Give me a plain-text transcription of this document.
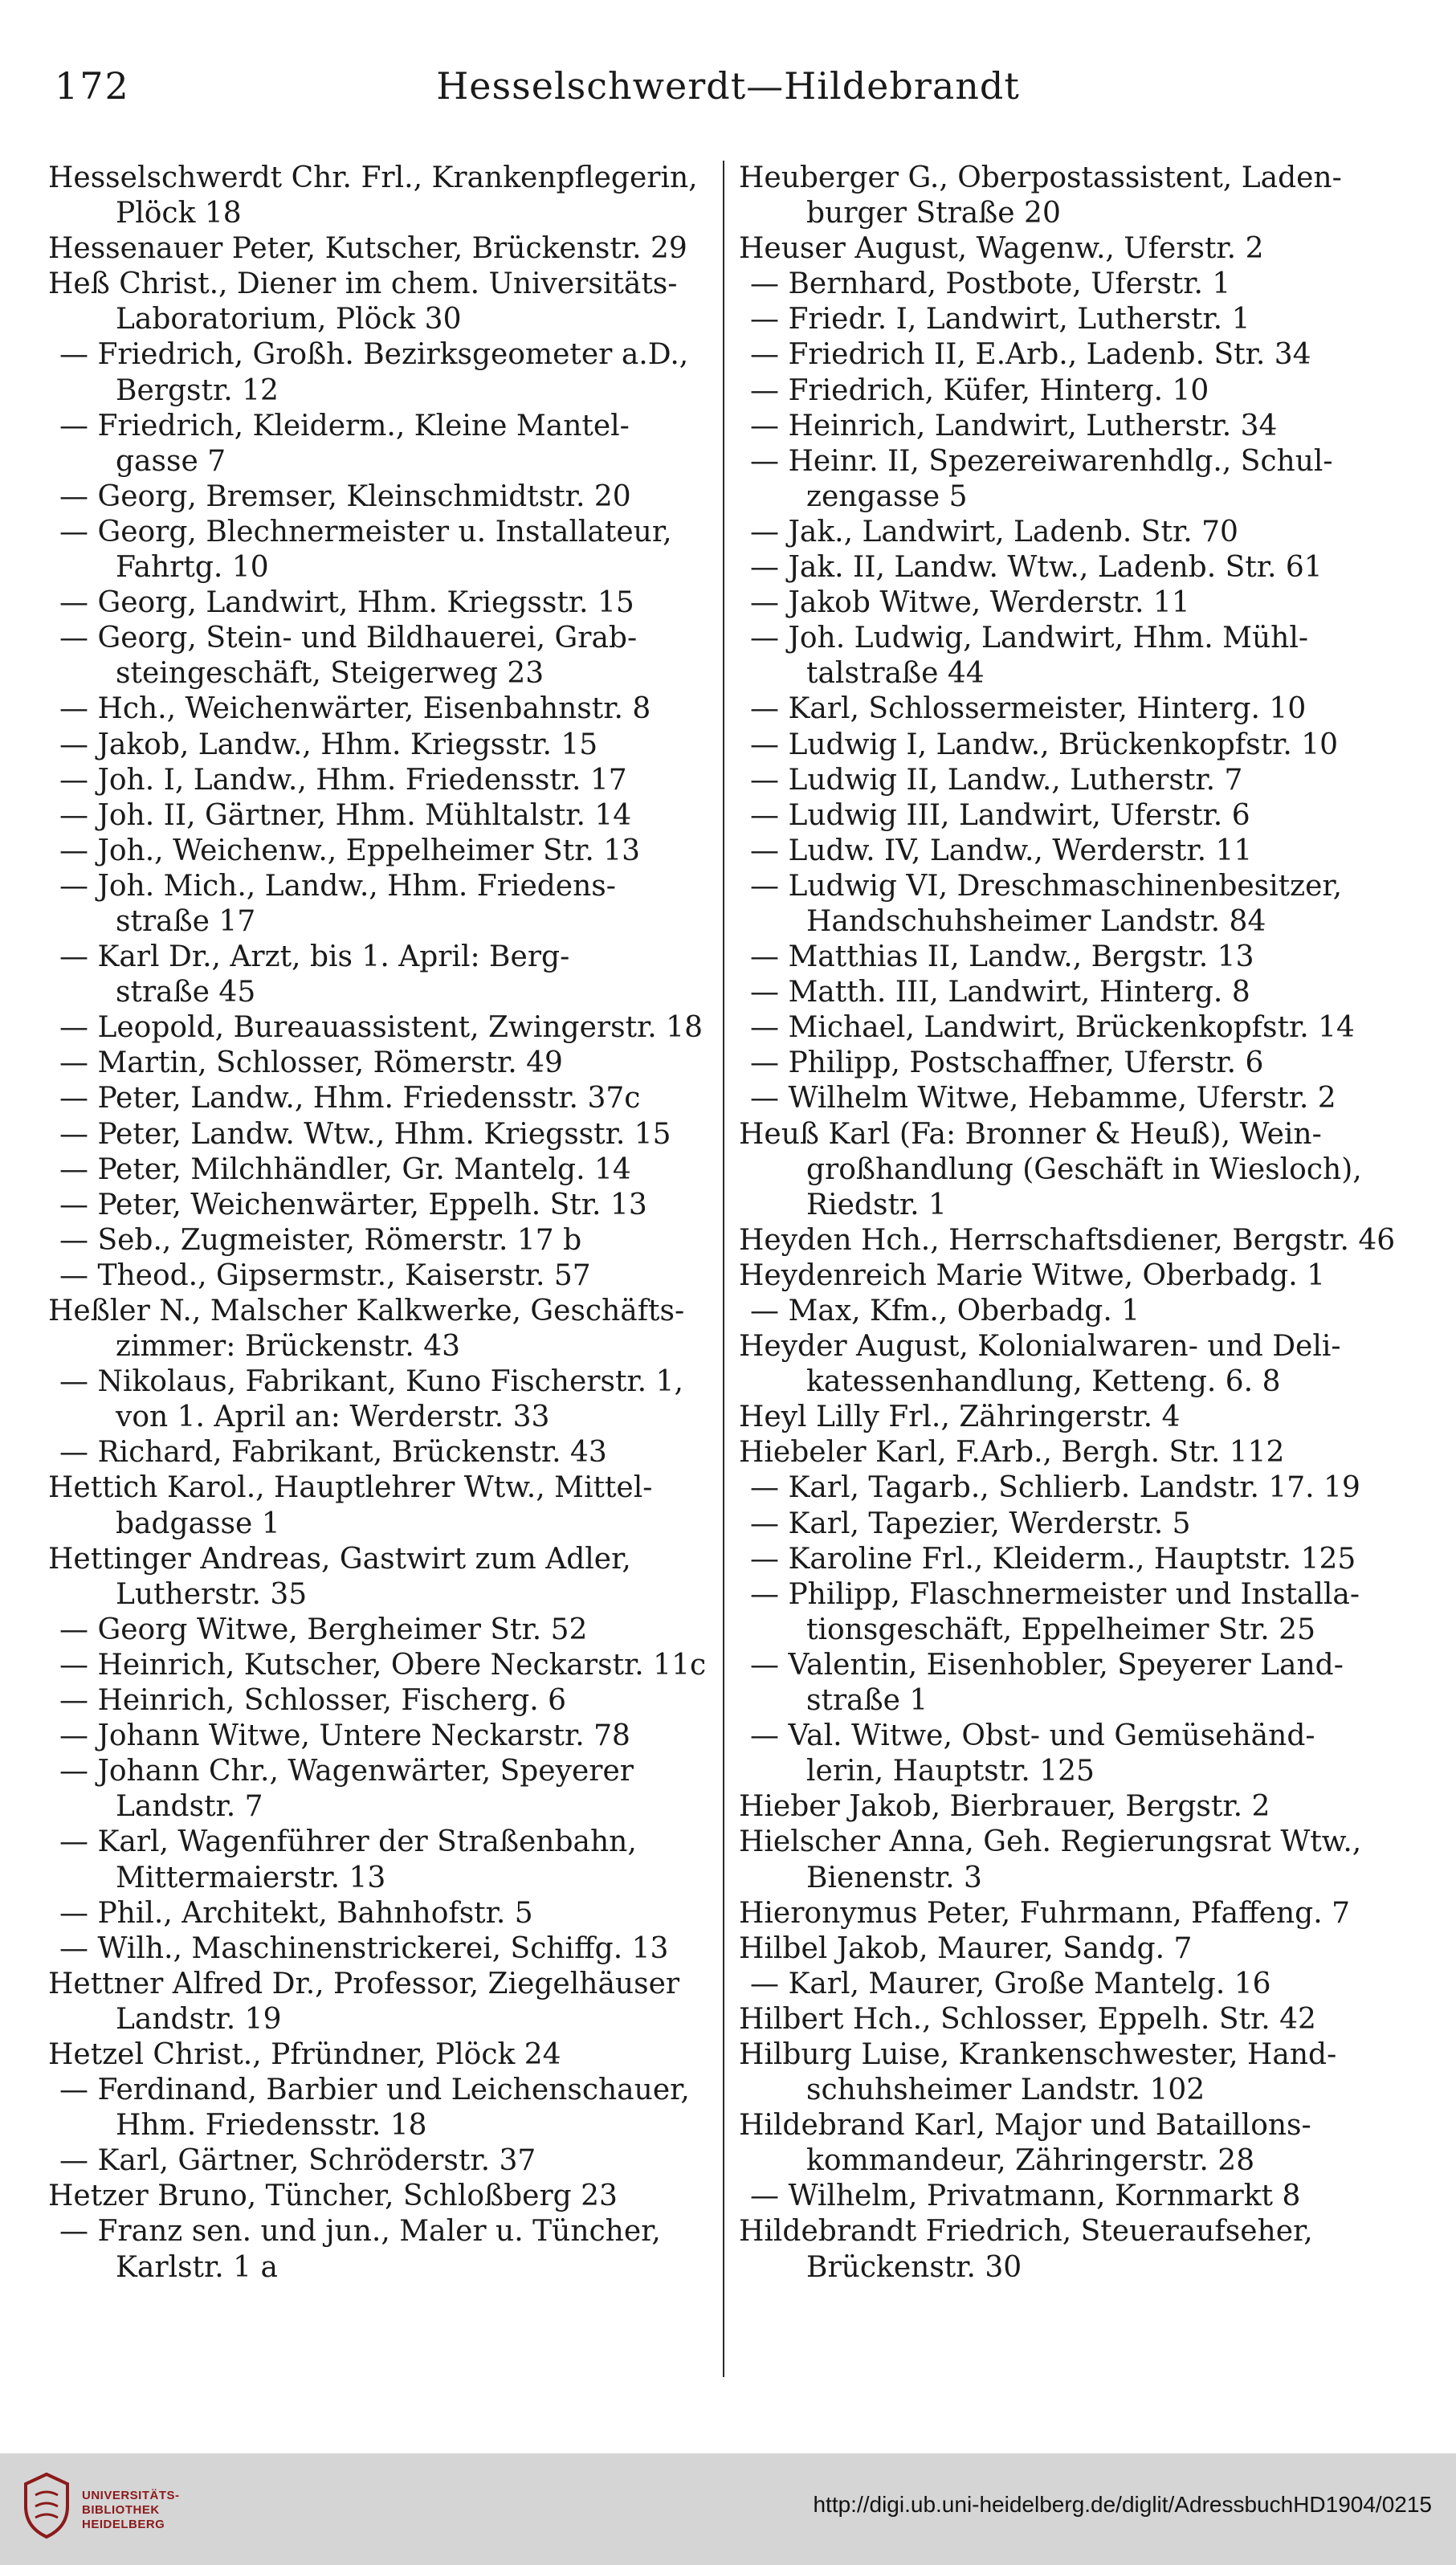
172	Hesselschwerdt—Hildebrandt
Hesselschwerdt Chr. Frl., Krankenpflegerin,
Plöck 18
Hessenauer Peter, Kutscher, Brückenstr. 29
Heß Christ., Diener im chem. Universitäts-
Laboratorium, Plöck 30
— Friedrich, Großh. Bezirksgeometer a.D.,
Bergstr. 12
— Friedrich, Kleiderm., Kleine Mantel-
gasse 7
— Georg, Bremser, Kleinschmidtstr. 20
— Georg, Blechnermeister u. Installateur,
Fahrtg. 10
— Georg, Landwirt, Hhm. Kriegsstr. 15
— Georg, Stein- und Bildhauerei, Grab-
steingeschäft, Steigerweg 23
— Hch., Weichenwärter, Eisenbahnstr. 8
— Jakob, Landw., Hhm. Kriegsstr. 15
— Joh. I, Landw., Hhm. Friedensstr. 17
— Joh. II, Gärtner, Hhm. Mühltalstr. 14
— Joh., Weichenw., Eppelheimer Str. 13
— Joh. Mich., Landw., Hhm. Friedens-
straße 17
— Karl Dr., Arzt, bis 1. April: Berg-
straße 45
— Leopold, Bureauassistent, Zwingerstr. 18
— Martin, Schlosser, Römerstr. 49
— Peter, Landw., Hhm. Friedensstr. 37c
— Peter, Landw. Wtw., Hhm. Kriegsstr. 15
— Peter, Milchhändler, Gr. Mantelg. 14
— Peter, Weichenwärter, Eppelh. Str. 13
— Seb., Zugmeister, Römerstr. 17 b
— Theod., Gipsermstr., Kaiserstr. 57
Heßler N., Malscher Kalkwerke, Geschäfts-
zimmer: Brückenstr. 43
— Nikolaus, Fabrikant, Kuno Fischerstr. 1,
von 1. April an: Werderstr. 33
— Richard, Fabrikant, Brückenstr. 43
Hettich Karol., Hauptlehrer Wtw., Mittel-
badgasse 1
Hettinger Andreas, Gastwirt zum Adler,
Lutherstr. 35
— Georg Witwe, Bergheimer Str. 52
— Heinrich, Kutscher, Obere Neckarstr. 11c
— Heinrich, Schlosser, Fischerg. 6
— Johann Witwe, Untere Neckarstr. 78
— Johann Chr., Wagenwärter, Speyerer
Landstr. 7
— Karl, Wagenführer der Straßenbahn,
Mittermaierstr. 13
— Phil., Architekt, Bahnhofstr. 5
— Wilh., Maschinenstrickerei, Schiffg. 13
Hettner Alfred Dr., Professor, Ziegelhäuser
Landstr. 19
Hetzel Christ., Pfründner, Plöck 24
— Ferdinand, Barbier und Leichenschauer,
Hhm. Friedensstr. 18
— Karl, Gärtner, Schröderstr. 37
Hetzer Bruno, Tüncher, Schloßberg 23
— Franz sen. und jun., Maler u. Tüncher,
Karlstr. 1 a
Heuberger G., Oberpostassistent, Laden-
burger Straße 20
Heuser August, Wagenw., Uferstr. 2
— Bernhard, Postbote, Uferstr. 1
— Friedr. I, Landwirt, Lutherstr. 1
— Friedrich II, E.Arb., Ladenb. Str. 34
— Friedrich, Küfer, Hinterg. 10
— Heinrich, Landwirt, Lutherstr. 34
— Heinr. II, Spezereiwarenhdlg., Schul-
zengasse 5
— Jak., Landwirt, Ladenb. Str. 70
— Jak. II, Landw. Wtw., Ladenb. Str. 61
— Jakob Witwe, Werderstr. 11
— Joh. Ludwig, Landwirt, Hhm. Mühl-
talstraße 44
— Karl, Schlossermeister, Hinterg. 10
— Ludwig I, Landw., Brückenkopfstr. 10
— Ludwig II, Landw., Lutherstr. 7
— Ludwig III, Landwirt, Uferstr. 6
— Ludw. IV, Landw., Werderstr. 11
— Ludwig VI, Dreschmaschinenbesitzer,
Handschuhsheimer Landstr. 84
— Matthias II, Landw., Bergstr. 13
— Matth. III, Landwirt, Hinterg. 8
— Michael, Landwirt, Brückenkopfstr. 14
— Philipp, Postschaffner, Uferstr. 6
— Wilhelm Witwe, Hebamme, Uferstr. 2
Heuß Karl (Fa: Bronner & Heuß), Wein-
großhandlung (Geschäft in Wiesloch),
Riedstr. 1
Heyden Hch., Herrschaftsdiener, Bergstr. 46
Heydenreich Marie Witwe, Oberbadg. 1
— Max, Kfm., Oberbadg. 1
Heyder August, Kolonialwaren- und Deli-
katessenhandlung, Ketteng. 6. 8
Heyl Lilly Frl., Zähringerstr. 4
Hiebeler Karl, F.Arb., Bergh. Str. 112
— Karl, Tagarb., Schlierb. Landstr. 17. 19
— Karl, Tapezier, Werderstr. 5
— Karoline Frl., Kleiderm., Hauptstr. 125
— Philipp, Flaschnermeister und Installa-
tionsgeschäft, Eppelheimer Str. 25
— Valentin, Eisenhobler, Speyerer Land-
straße 1
— Val. Witwe, Obst- und Gemüsehänd-
lerin, Hauptstr. 125
Hieber Jakob, Bierbrauer, Bergstr. 2
Hielscher Anna, Geh. Regierungsrat Wtw.,
Bienenstr. 3
Hieronymus Peter, Fuhrmann, Pfaffeng. 7
Hilbel Jakob, Maurer, Sandg. 7
— Karl, Maurer, Große Mantelg. 16
Hilbert Hch., Schlosser, Eppelh. Str. 42
Hilburg Luise, Krankenschwester, Hand-
schuhsheimer Landstr. 102
Hildebrand Karl, Major und Bataillons-
kommandeur, Zähringerstr. 28
— Wilhelm, Privatmann, Kornmarkt 8
Hildebrandt Friedrich, Steueraufseher,
Brückenstr. 30
UNIVERSITÄTS-
BIBLIOTHEK
HEIDELBERG
http://digi.ub.uni-heidelberg.de/diglit/AdressbuchHD1904/0215
